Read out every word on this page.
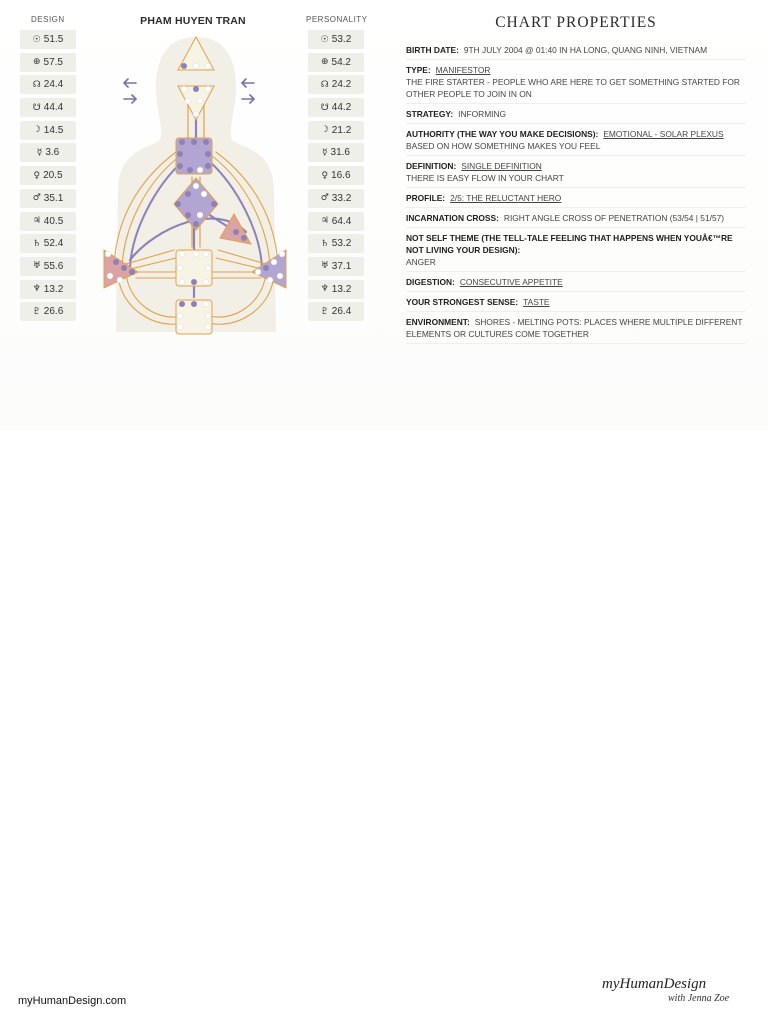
DESIGN	PERSONALITY
☉ 51.5
⊕ 57.5
☊ 24.4
☋ 44.4
☽ 14.5
☿ 3.6
♀ 20.5
♂ 35.1
♃ 40.5
♄ 52.4
♅ 55.6
♆ 13.2
♇ 26.6
☉ 53.2
⊕ 54.2
☊ 24.2
☋ 44.2
☽ 21.2
☿ 31.6
♀ 16.6
♂ 33.2
♃ 64.4
♄ 53.2
♅ 37.1
♆ 13.2
♇ 26.4
PHAM HUYEN TRAN	CHART PROPERTIES
BIRTH DATE: 9TH JULY 2004 @ 01:40 IN HA LONG, QUANG NINH, VIETNAM
TYPE: MANIFESTOR
THE FIRE STARTER - PEOPLE WHO ARE HERE TO GET SOMETHING STARTED FOR OTHER PEOPLE TO JOIN IN ON
STRATEGY: INFORMING
AUTHORITY (THE WAY YOU MAKE DECISIONS): EMOTIONAL - SOLAR PLEXUS
BASED ON HOW SOMETHING MAKES YOU FEEL
DEFINITION: SINGLE DEFINITION
THERE IS EASY FLOW IN YOUR CHART
PROFILE: 2/5: THE RELUCTANT HERO
INCARNATION CROSS: RIGHT ANGLE CROSS OF PENETRATION (53/54 | 51/57)
NOT SELF THEME (THE TELL-TALE FEELING THAT HAPPENS WHEN YOUÂ€™RE NOT LIVING YOUR DESIGN):
ANGER
DIGESTION: CONSECUTIVE APPETITE
YOUR STRONGEST SENSE: TASTE
ENVIRONMENT: SHORES - MELTING POTS: PLACES WHERE MULTIPLE DIFFERENT ELEMENTS OR CULTURES COME TOGETHER
myHumanDesign.com
myHumanDesign
with Jenna Zoe
